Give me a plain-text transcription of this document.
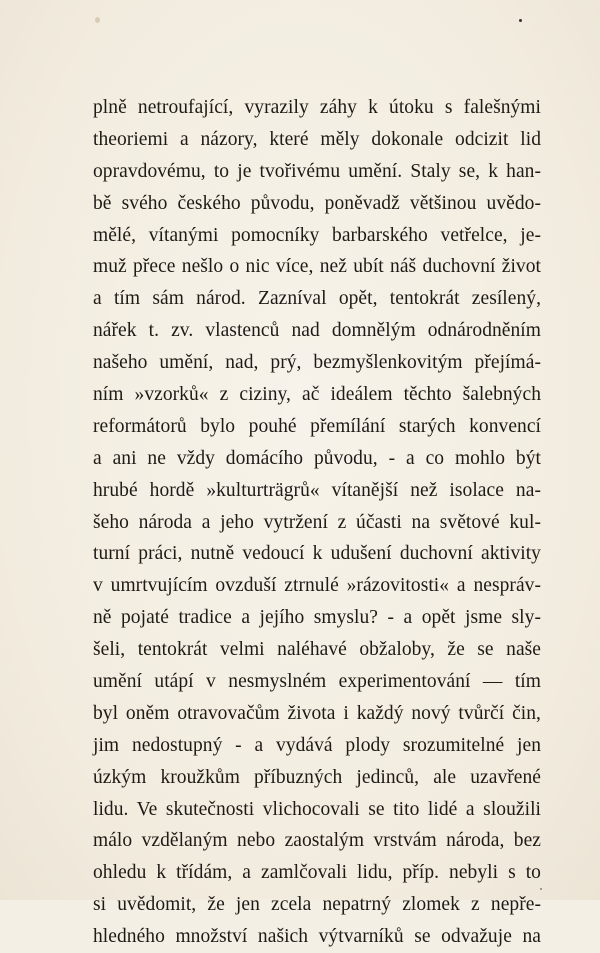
plně netroufající, vyrazily záhy k útoku s falešnými
theoriemi a názory, které měly dokonale odcizit lid
opravdovému, to je tvořivému umění. Staly se, k han-
bě svého českého původu, poněvadž většinou uvědo-
mělé, vítanými pomocníky barbarského vetřelce, je-
muž přece nešlo o nic více, než ubít náš duchovní život
a tím sám národ. Zazníval opět, tentokrát zesílený,
nářek t. zv. vlastenců nad domnělým odnárodněním
našeho umění, nad, prý, bezmyšlenkovitým přejímá-
ním »vzorků« z ciziny, ač ideálem těchto šalebných
reformátorů bylo pouhé přemílání starých konvencí
a ani ne vždy domácího původu, - a co mohlo být
hrubé hordě »kulturträgrů« vítanější než isolace na-
šeho národa a jeho vytržení z účasti na světové kul-
turní práci, nutně vedoucí k udušení duchovní aktivity
v umrtvujícím ovzduší ztrnulé »rázovitosti« a nespráv-
ně pojaté tradice a jejího smyslu? - a opět jsme sly-
šeli, tentokrát velmi naléhavé obžaloby, že se naše
umění utápí v nesmyslném experimentování — tím
byl oněm otravovačům života i každý nový tvůrčí čin,
jim nedostupný - a vydává plody srozumitelné jen
úzkým kroužkům příbuzných jedinců, ale uzavřené
lidu. Ve skutečnosti vlichocovali se tito lidé a sloužili
málo vzdělaným nebo zaostalým vrstvám národa, bez
ohledu k třídám, a zamlčovali lidu, příp. nebyli s to
si uvědomit, že jen zcela nepatrný zlomek z nepře-
hledného množství našich výtvarníků se odvažuje na
